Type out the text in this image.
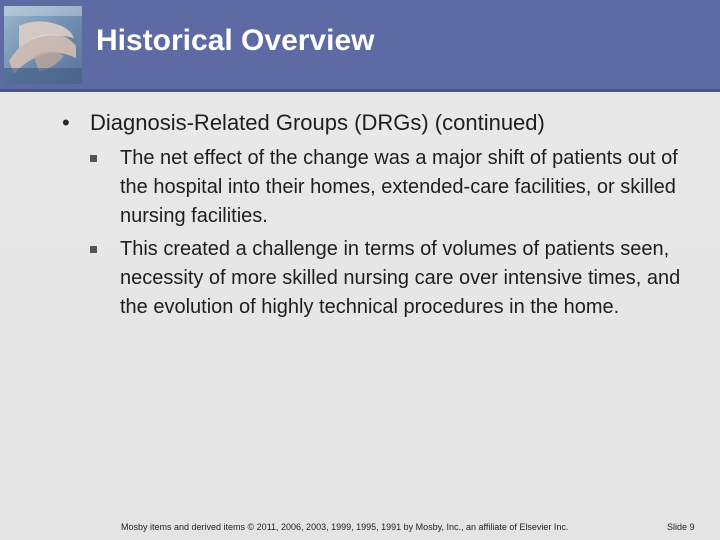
Historical Overview
• Diagnosis-Related Groups (DRGs) (continued)
The net effect of the change was a major shift of patients out of the hospital into their homes, extended-care facilities, or skilled nursing facilities.
This created a challenge in terms of volumes of patients seen, necessity of more skilled nursing care over intensive times, and the evolution of highly technical procedures in the home.
Mosby items and derived items © 2011, 2006, 2003, 1999, 1995, 1991 by Mosby, Inc., an affiliate of Elsevier Inc.	Slide 9
